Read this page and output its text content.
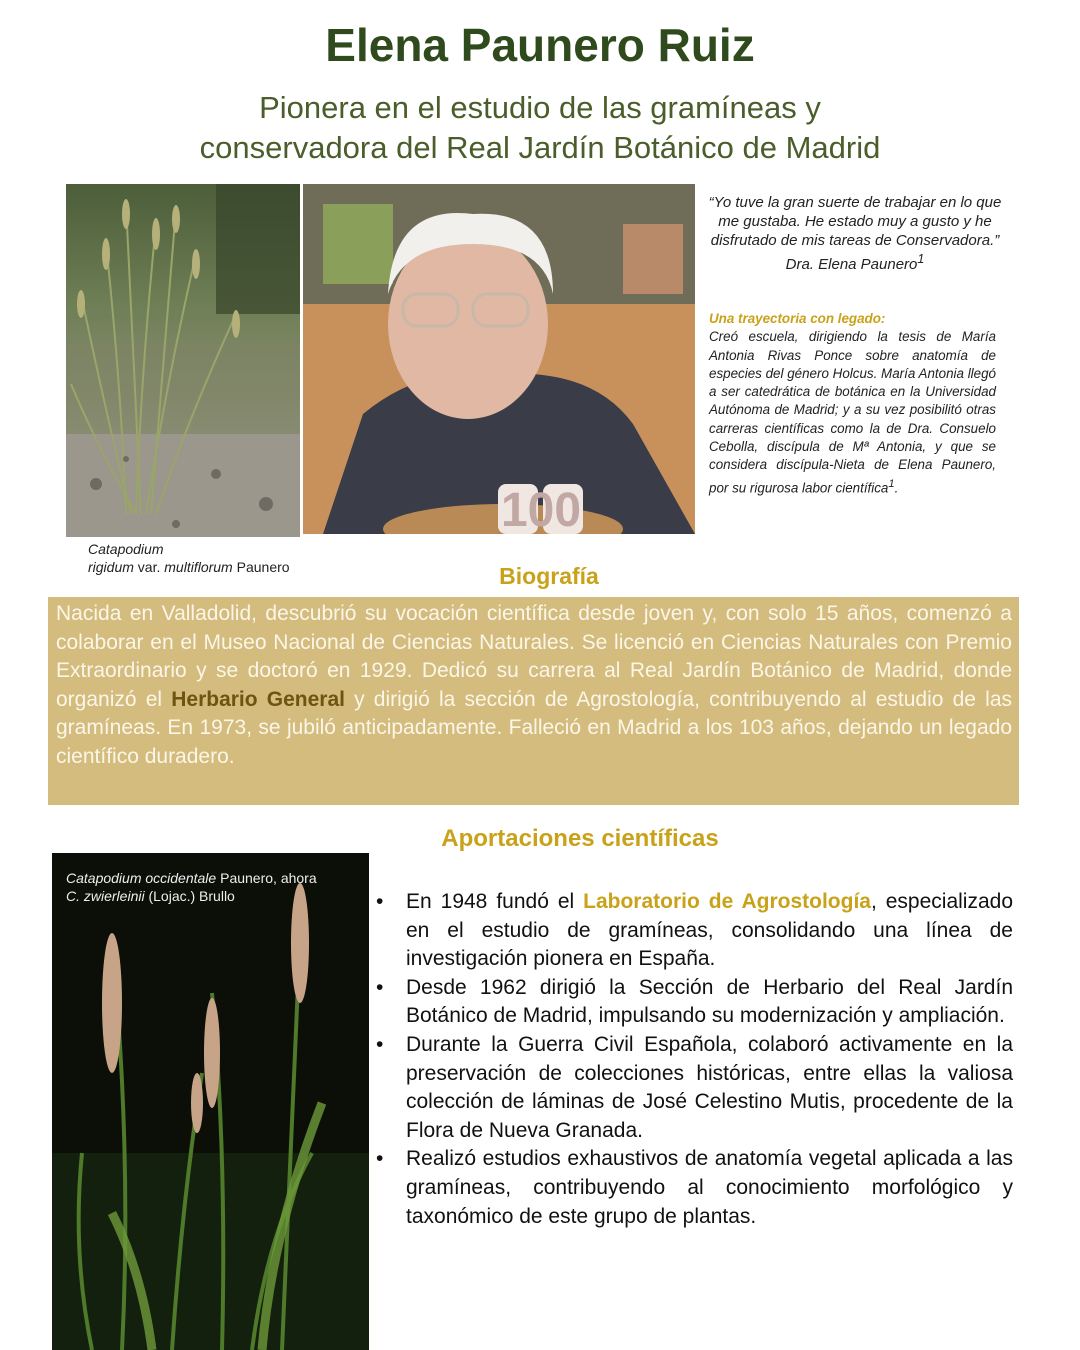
Elena Paunero Ruiz
Pionera en el estudio de las gramíneas y
conservadora del Real Jardín Botánico de Madrid
100
Catapodium
rigidum var. multiflorum Paunero
“Yo tuve la gran suerte de trabajar en lo que me gustaba. He estado muy a gusto y he disfrutado de mis tareas de Conservadora.” Dra. Elena Paunero$^1$
Una trayectoria con legado:
Creó escuela, dirigiendo la tesis de María Antonia Rivas Ponce sobre anatomía de especies del género Holcus. María Antonia llegó a ser catedrática de botánica en la Universidad Autónoma de Madrid; y a su vez posibilitó otras carreras científicas como la de Dra. Consuelo Cebolla, discípula de Mª Antonia, y que se considera discípula-Nieta de Elena Paunero, por su rigurosa labor científica$^1$.
Biografía
Nacida en Valladolid, descubrió su vocación científica desde joven y, con solo 15 años, comenzó a colaborar en el Museo Nacional de Ciencias Naturales. Se licenció en Ciencias Naturales con Premio Extraordinario y se doctoró en 1929. Dedicó su carrera al Real Jardín Botánico de Madrid, donde organizó el Herbario General y dirigió la sección de Agrostología, contribuyendo al estudio de las gramíneas. En 1973, se jubiló anticipadamente. Falleció en Madrid a los 103 años, dejando un legado científico duradero.
Aportaciones científicas
Catapodium occidentale Paunero, ahora
C. zwierleinii (Lojac.) Brullo	• En 1948 fundó el Laboratorio de Agrostología, especializado en el estudio de gramíneas, consolidando una línea de investigación pionera en España.
• Desde 1962 dirigió la Sección de Herbario del Real Jardín Botánico de Madrid, impulsando su modernización y ampliación.
• Durante la Guerra Civil Española, colaboró activamente en la preservación de colecciones históricas, entre ellas la valiosa colección de láminas de José Celestino Mutis, procedente de la Flora de Nueva Granada.
• Realizó estudios exhaustivos de anatomía vegetal aplicada a las gramíneas, contribuyendo al conocimiento morfológico y taxonómico de este grupo de plantas.
